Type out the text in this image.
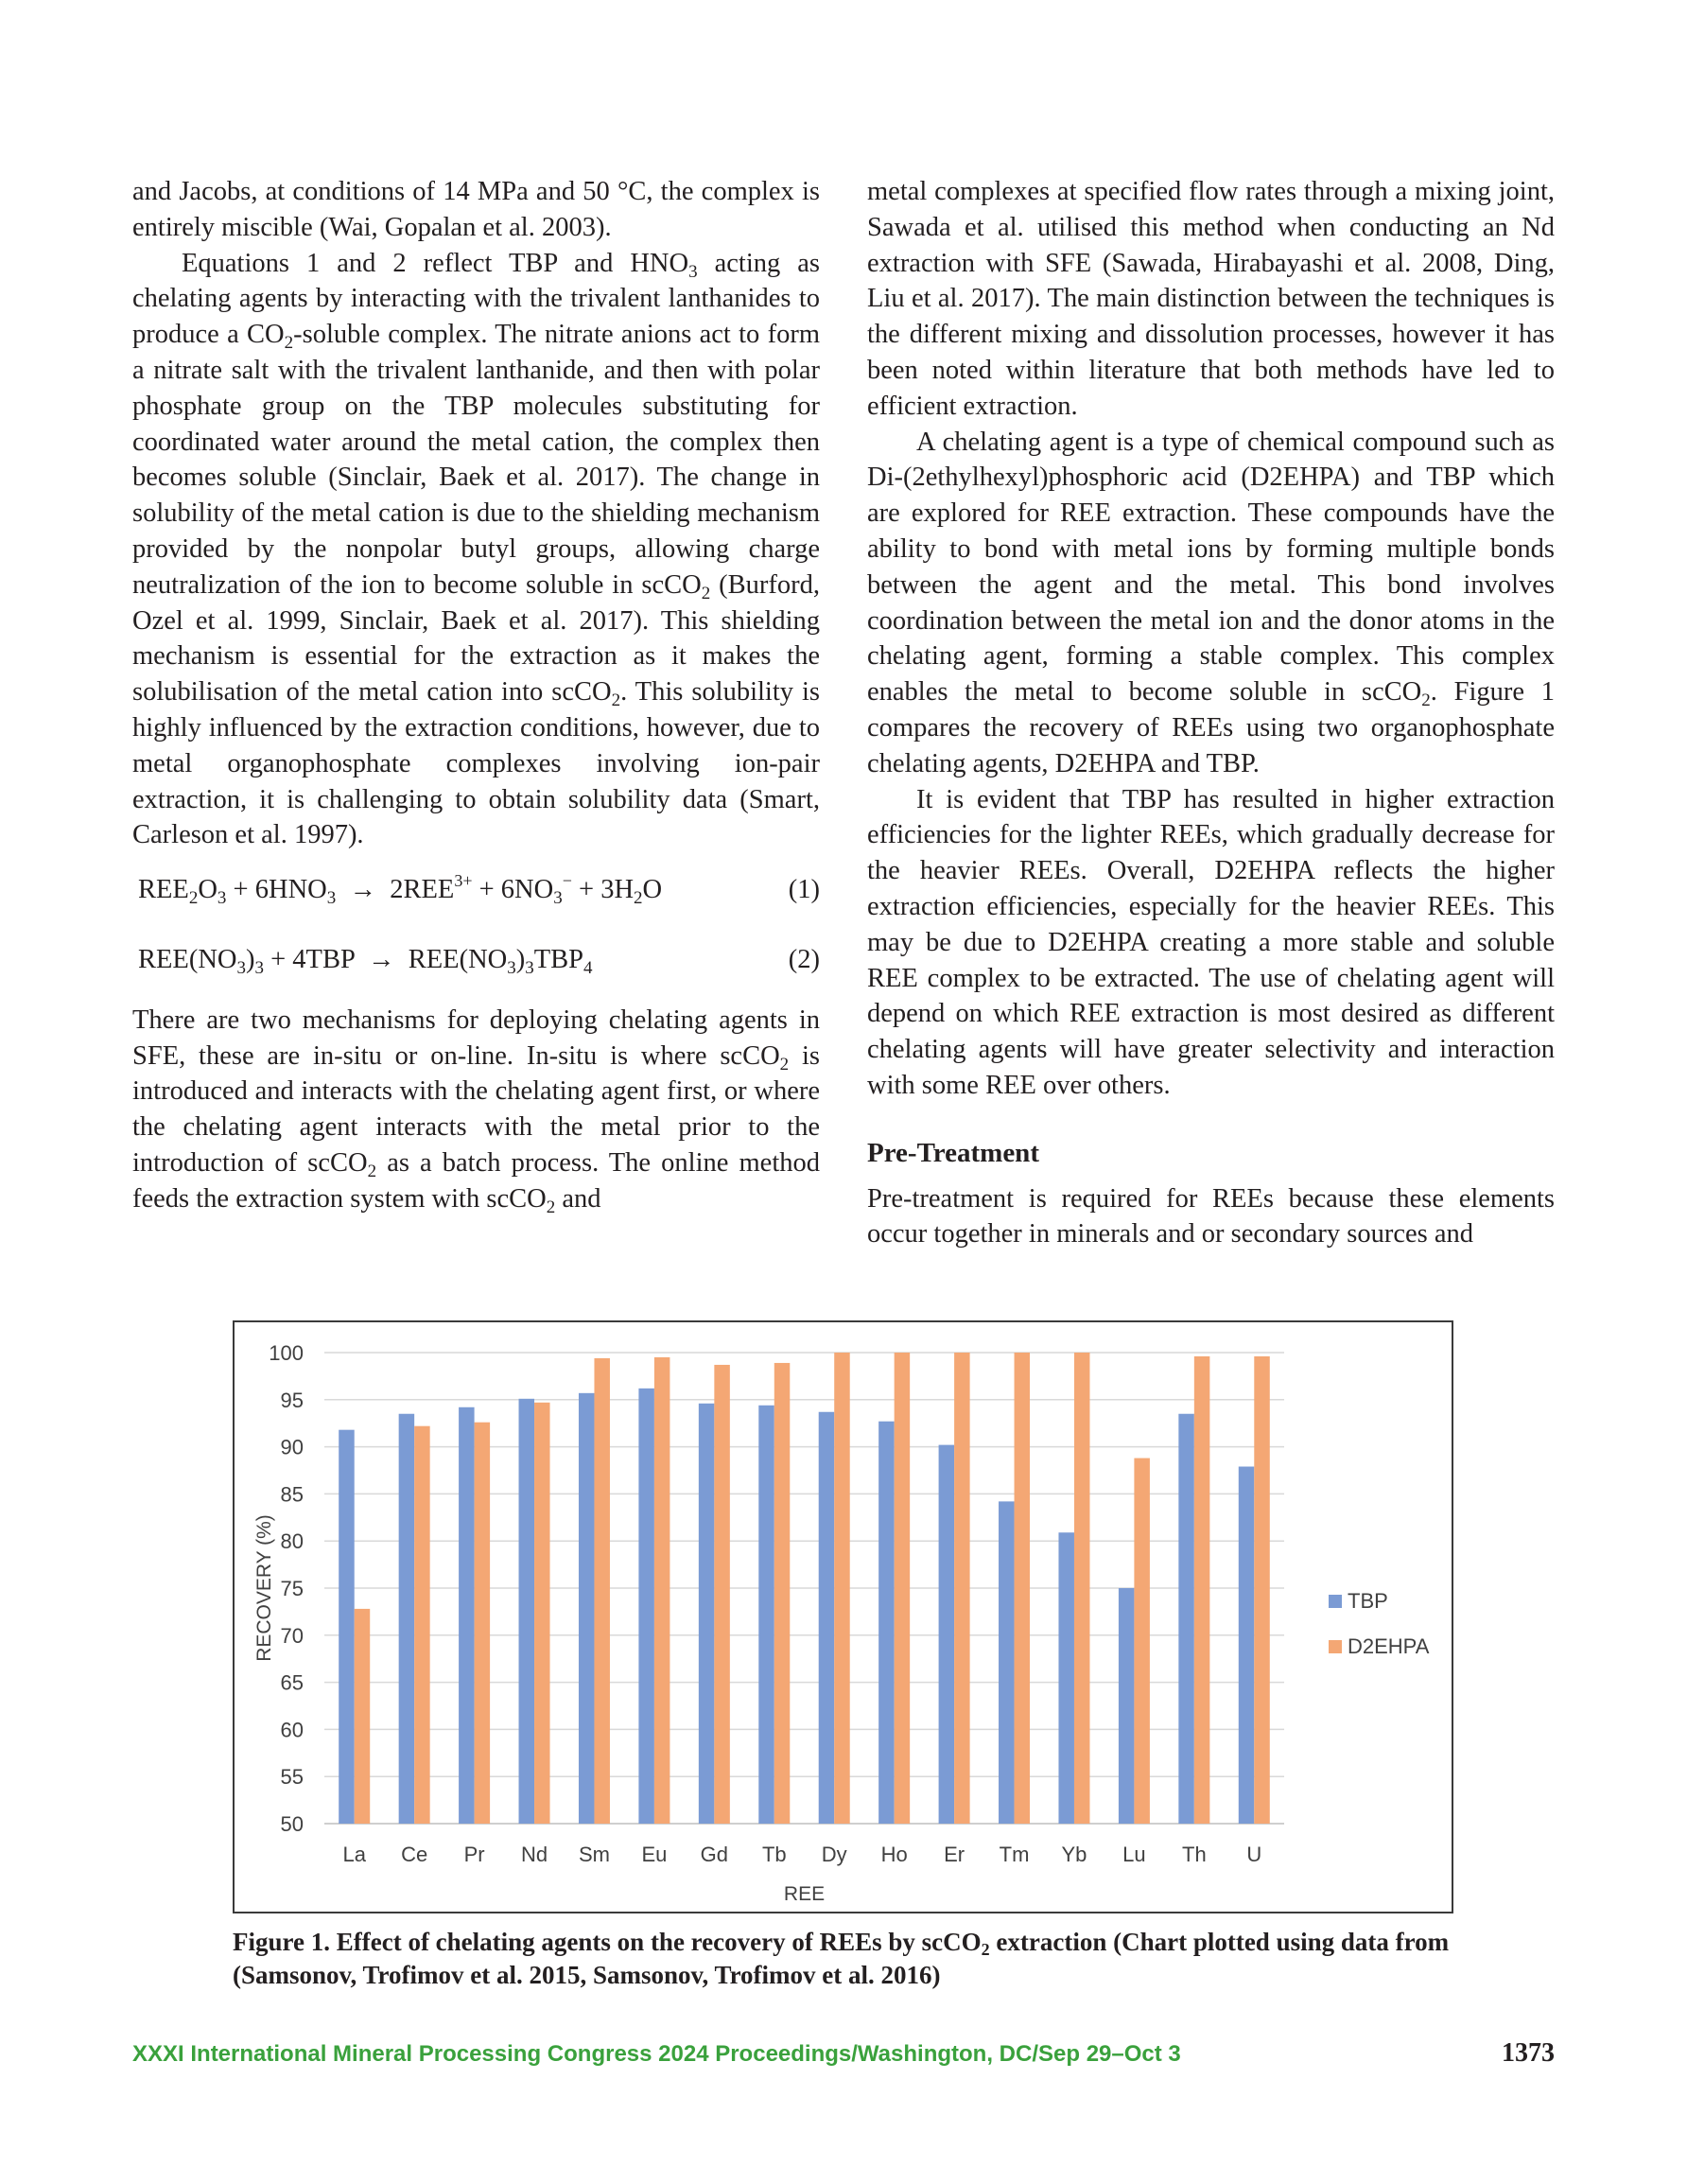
and Jacobs, at conditions of 14 MPa and 50 °C, the complex is entirely miscible (Wai, Gopalan et al. 2003).

Equations 1 and 2 reflect TBP and $HNO_3$ acting as chelating agents by interacting with the trivalent lanthanides to produce a $CO_2$-soluble complex. The nitrate anions act to form a nitrate salt with the trivalent lanthanide, and then with polar phosphate group on the TBP molecules substituting for coordinated water around the metal cation, the complex then becomes soluble (Sinclair, Baek et al. 2017). The change in solubility of the metal cation is due to the shielding mechanism provided by the nonpolar butyl groups, allowing charge neutralization of the ion to become soluble in scCO$_2$ (Burford, Ozel et al. 1999, Sinclair, Baek et al. 2017). This shielding mechanism is essential for the extraction as it makes the solubilisation of the metal cation into scCO$_2$. This solubility is highly influenced by the extraction conditions, however, due to metal organophosphate complexes involving ion-pair extraction, it is challenging to obtain solubility data (Smart, Carleson et al. 1997).

$REE_2O_3 + 6HNO_3 \to 2REE^{3+} + 6NO_3^- + 3H_2O$	(1)
$REE(NO_3)_3 + 4TBP \to REE(NO_3)_3TBP_4$	(2)

There are two mechanisms for deploying chelating agents in SFE, these are in-situ or on-line. In-situ is where scCO$_2$ is introduced and interacts with the chelating agent first, or where the chelating agent interacts with the metal prior to the introduction of scCO$_2$ as a batch process. The online method feeds the extraction system with scCO$_2$ and

metal complexes at specified flow rates through a mixing joint, Sawada et al. utilised this method when conducting an Nd extraction with SFE (Sawada, Hirabayashi et al. 2008, Ding, Liu et al. 2017). The main distinction between the techniques is the different mixing and dissolution processes, however it has been noted within literature that both methods have led to efficient extraction.

A chelating agent is a type of chemical compound such as Di-(2ethylhexyl)phosphoric acid (D2EHPA) and TBP which are explored for REE extraction. These compounds have the ability to bond with metal ions by forming multiple bonds between the agent and the metal. This bond involves coordination between the metal ion and the donor atoms in the chelating agent, forming a stable complex. This complex enables the metal to become soluble in scCO$_2$. Figure 1 compares the recovery of REEs using two organophosphate chelating agents, D2EHPA and TBP.

It is evident that TBP has resulted in higher extraction efficiencies for the lighter REEs, which gradually decrease for the heavier REEs. Overall, D2EHPA reflects the higher extraction efficiencies, especially for the heavier REEs. This may be due to D2EHPA creating a more stable and soluble REE complex to be extracted. The use of chelating agent will depend on which REE extraction is most desired as different chelating agents will have greater selectivity and interaction with some REE over others.

Pre-Treatment

Pre-treatment is required for REEs because these elements occur together in minerals and or secondary sources and

50
55
60
65
70
75
80
85
90
95
100
La Ce Pr Nd Sm Eu Gd Tb Dy Ho Er Tm Yb Lu Th U
REE
RECOVERY (%)	TBP
D2EHPA
Figure 1. Effect of chelating agents on the recovery of REEs by scCO$_2$ extraction (Chart plotted using data from (Samsonov, Trofimov et al. 2015, Samsonov, Trofimov et al. 2016)
XXXI International Mineral Processing Congress 2024 Proceedings/Washington, DC/Sep 29–Oct 3	1373
